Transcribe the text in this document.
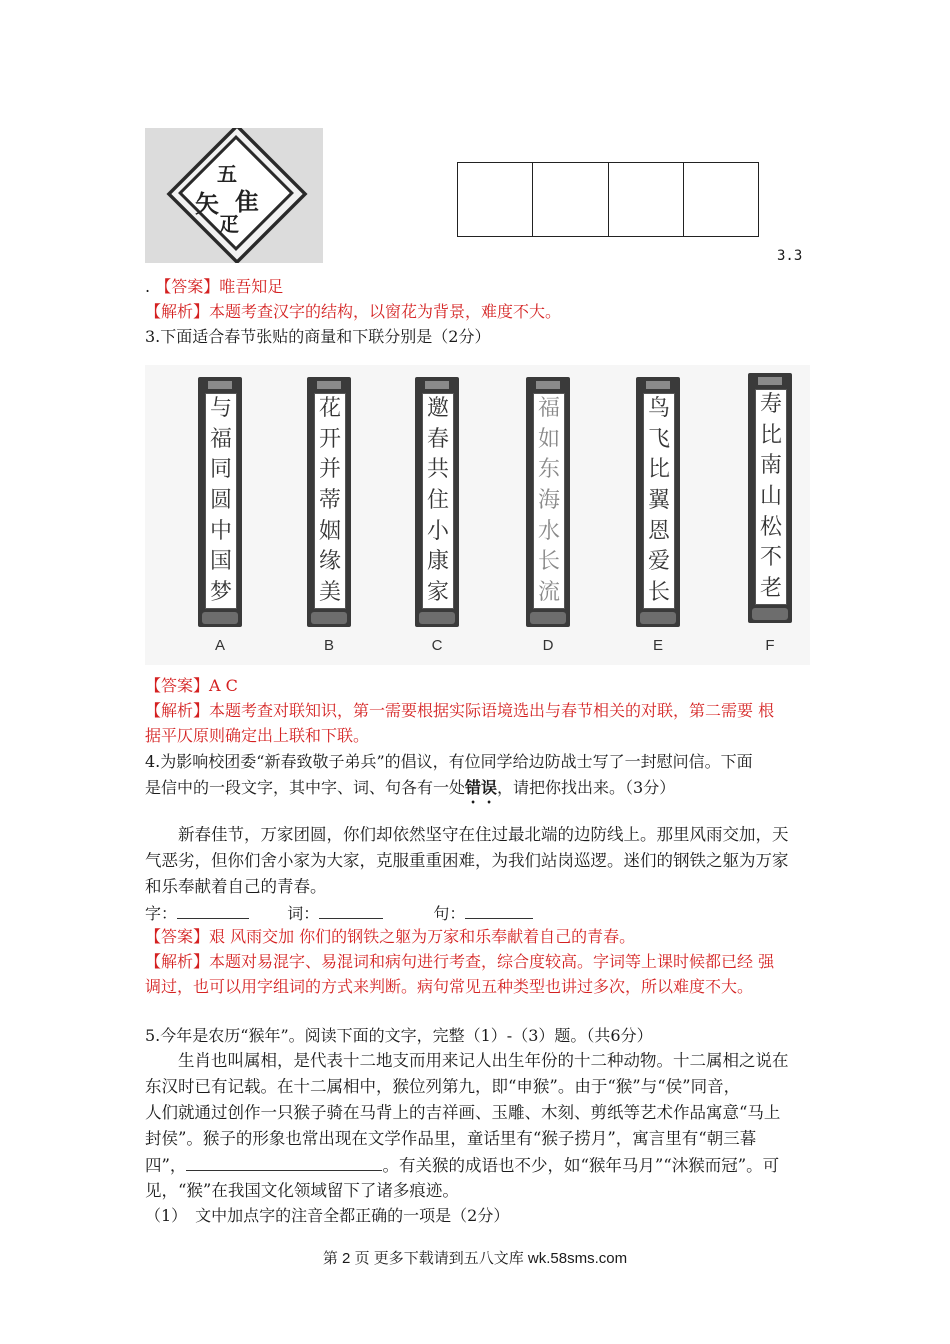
五
矢 隹
疋
3.3
. 【答案】唯吾知足
【解析】本题考查汉字的结构，以窗花为背景，难度不大。
3.下面适合春节张贴的商量和下联分别是（2分）
与
福
同
圆
中
国
梦
A
花
开
并
蒂
姻
缘
美
B
邀
春
共
住
小
康
家
C
福
如
东
海
水
长
流
D
鸟
飞
比
翼
恩
爱
长
E
寿
比
南
山
松
不
老
F
【答案】A C
【解析】本题考查对联知识，第一需要根据实际语境选出与春节相关的对联，第二需要 根
据平仄原则确定出上联和下联。
4.为影响校团委“新春致敬子弟兵”的倡议，有位同学给边防战士写了一封慰问信。下面
是信中的一段文字，其中字、词、句各有一处错误，请把你找出来。（3分）
新春佳节，万家团圆，你们却依然坚守在住过最北端的边防线上。那里风雨交加，天
气恶劣，但你们舍小家为大家，克服重重困难，为我们站岗巡逻。迷们的钢铁之躯为万家
和乐奉献着自己的青春。
字：	词：	句：
【答案】艰 风雨交加 你们的钢铁之躯为万家和乐奉献着自己的青春。
【解析】本题对易混字、易混词和病句进行考查，综合度较高。字词等上课时候都已经 强
调过，也可以用字组词的方式来判断。病句常见五种类型也讲过多次，所以难度不大。
5.今年是农历“猴年”。阅读下面的文字，完整（1）-（3）题。（共6分）
生肖也叫属相，是代表十二地支而用来记人出生年份的十二种动物。十二属相之说在
东汉时已有记载。在十二属相中，猴位列第九，即“申猴”。由于“猴”与“侯”同音，
人们就通过创作一只猴子骑在马背上的吉祥画、玉雕、木刻、剪纸等艺术作品寓意“马上
封侯”。猴子的形象也常出现在文学作品里，童话里有“猴子捞月”，寓言里有“朝三暮
四”，	。有关猴的成语也不少，如“猴年马月”“沐猴而冠”。可
见，“猴”在我国文化领域留下了诸多痕迹。
（1）　文中加点字的注音全都正确的一项是（2分）
第 2 页 更多下载请到五八文库 wk.58sms.com
